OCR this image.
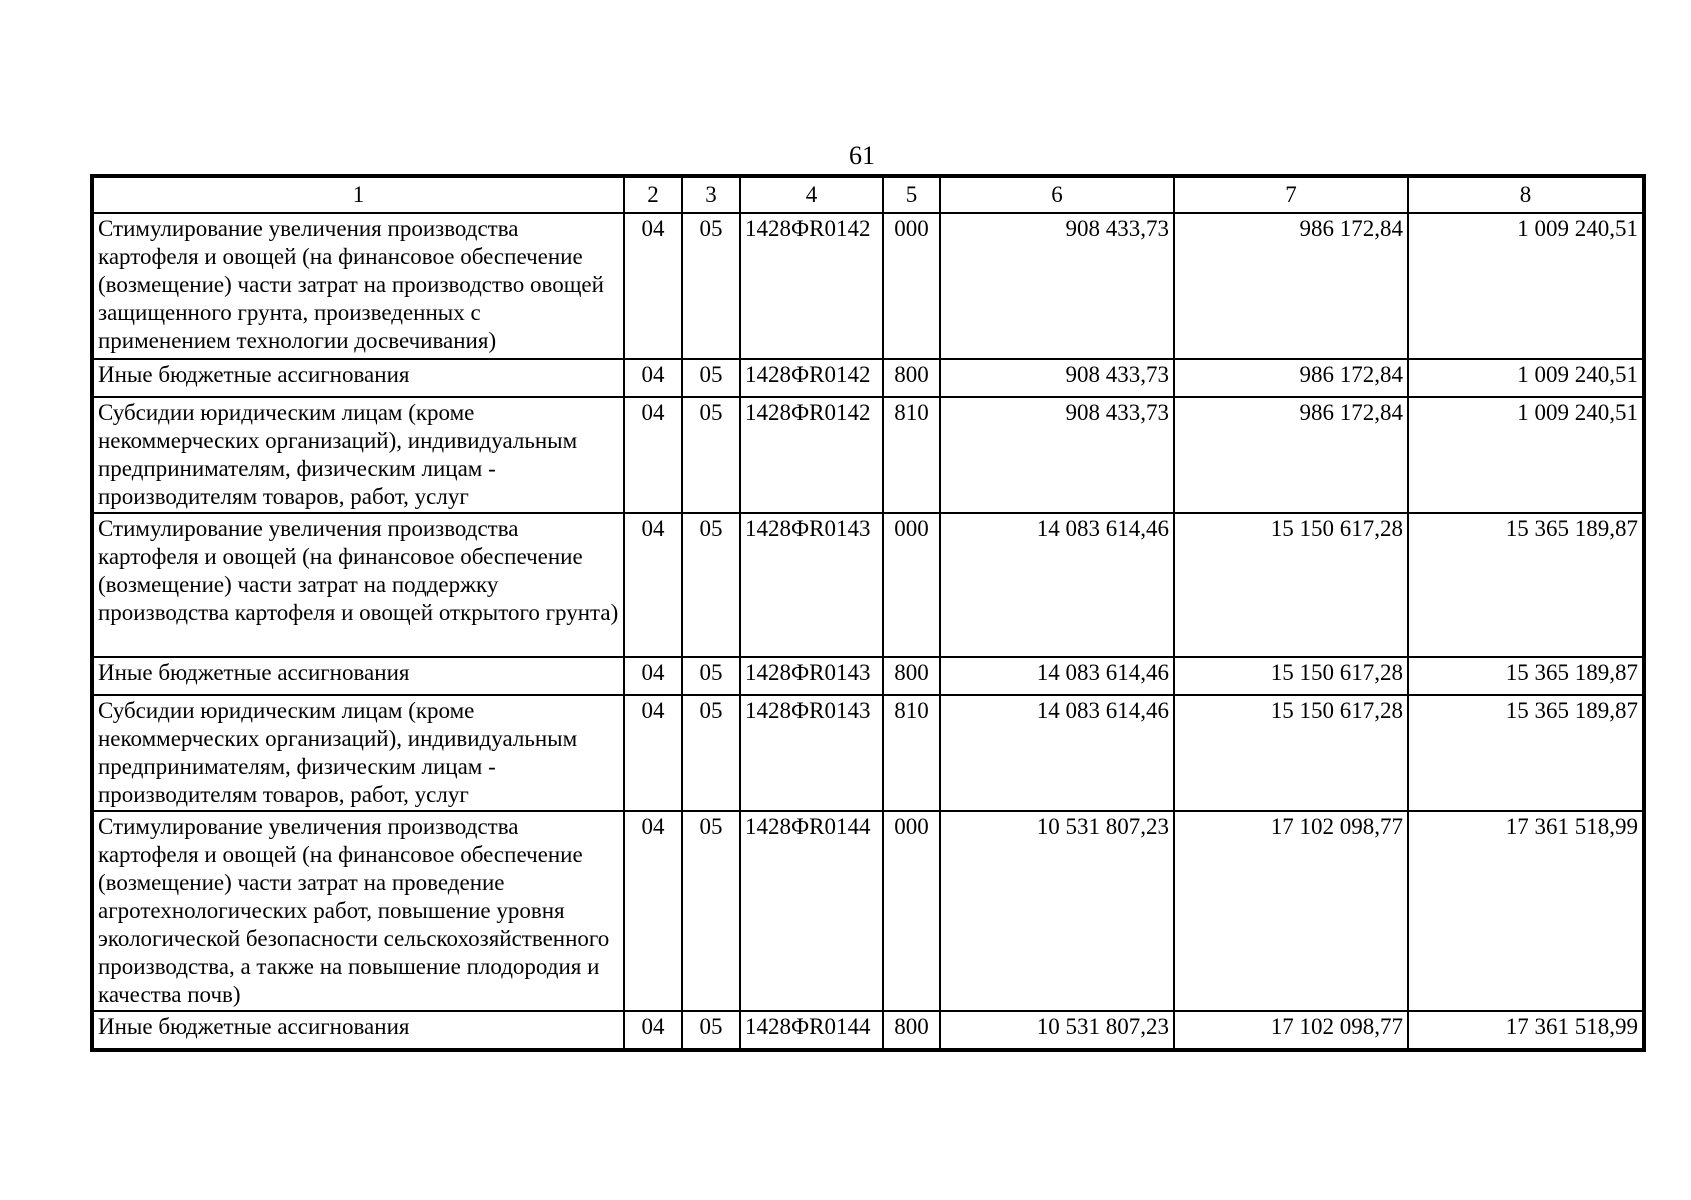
61
1	2	3	4	5	6	7	8
Стимулирование увеличения производства картофеля и овощей (на финансовое обеспечение (возмещение) части затрат на производство овощей защищенного грунта, произведенных с применением технологии досвечивания)	04	05	1428ФR0142	000	908 433,73	986 172,84	1 009 240,51
Иные бюджетные ассигнования	04	05	1428ФR0142	800	908 433,73	986 172,84	1 009 240,51
Субсидии юридическим лицам (кроме некоммерческих организаций), индивидуальным предпринимателям, физическим лицам - производителям товаров, работ, услуг	04	05	1428ФR0142	810	908 433,73	986 172,84	1 009 240,51
Стимулирование увеличения производства картофеля и овощей (на финансовое обеспечение (возмещение) части затрат на поддержку производства картофеля и овощей открытого грунта)	04	05	1428ФR0143	000	14 083 614,46	15 150 617,28	15 365 189,87
Иные бюджетные ассигнования	04	05	1428ФR0143	800	14 083 614,46	15 150 617,28	15 365 189,87
Субсидии юридическим лицам (кроме некоммерческих организаций), индивидуальным предпринимателям, физическим лицам - производителям товаров, работ, услуг	04	05	1428ФR0143	810	14 083 614,46	15 150 617,28	15 365 189,87
Стимулирование увеличения производства картофеля и овощей (на финансовое обеспечение (возмещение) части затрат на проведение агротехнологических работ, повышение уровня экологической безопасности сельскохозяйственного производства, а также на повышение плодородия и качества почв)	04	05	1428ФR0144	000	10 531 807,23	17 102 098,77	17 361 518,99
Иные бюджетные ассигнования	04	05	1428ФR0144	800	10 531 807,23	17 102 098,77	17 361 518,99
